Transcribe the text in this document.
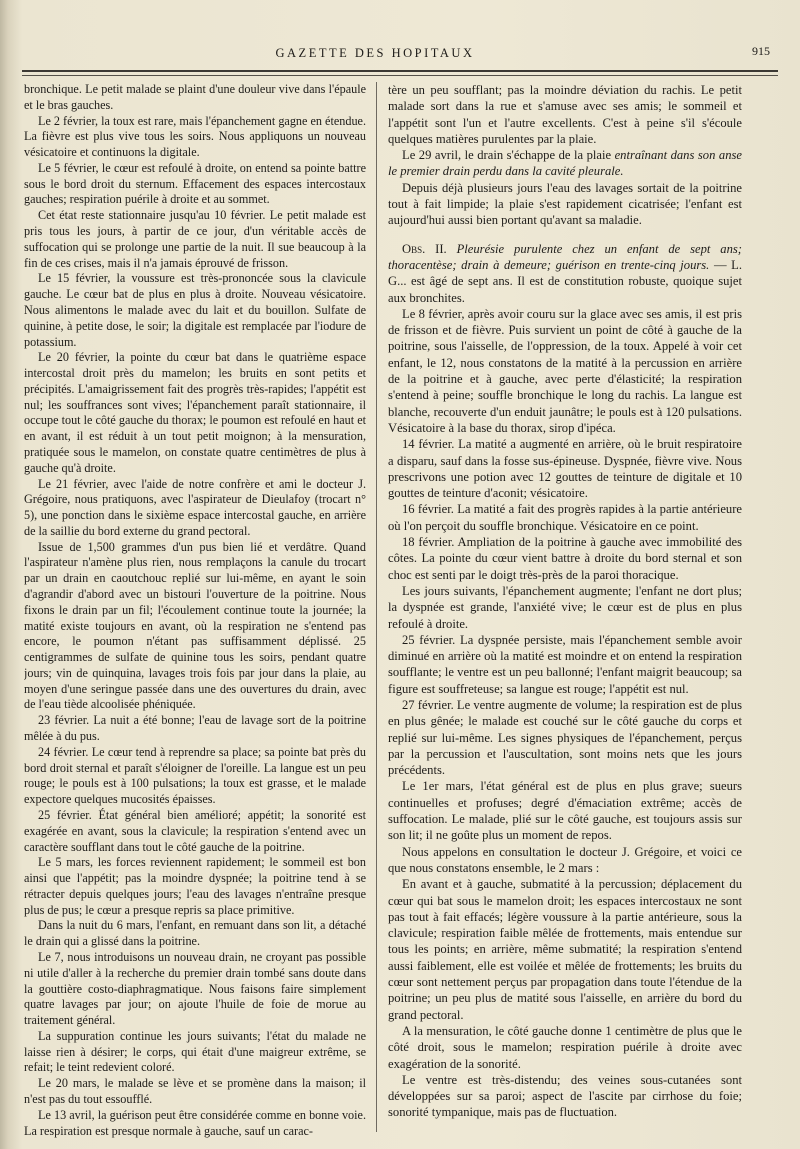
GAZETTE DES HOPITAUX	915

bronchique. Le petit malade se plaint d'une douleur vive dans l'épaule et le bras gauches.

Le 2 février, la toux est rare, mais l'épanchement gagne en étendue. La fièvre est plus vive tous les soirs. Nous appliquons un nouveau vésicatoire et continuons la digitale.

Le 5 février, le cœur est refoulé à droite, on entend sa pointe battre sous le bord droit du sternum. Effacement des espaces intercostaux gauches; respiration puérile à droite et au sommet.

Cet état reste stationnaire jusqu'au 10 février. Le petit malade est pris tous les jours, à partir de ce jour, d'un véritable accès de suffocation qui se prolonge une partie de la nuit. Il sue beaucoup à la fin de ces crises, mais il n'a jamais éprouvé de frisson.

Le 15 février, la voussure est très-prononcée sous la clavicule gauche. Le cœur bat de plus en plus à droite. Nouveau vésicatoire. Nous alimentons le malade avec du lait et du bouillon. Sulfate de quinine, à petite dose, le soir; la digitale est remplacée par l'iodure de potassium.

Le 20 février, la pointe du cœur bat dans le quatrième espace intercostal droit près du mamelon; les bruits en sont petits et précipités. L'amaigrissement fait des progrès très-rapides; l'appétit est nul; les souffrances sont vives; l'épanchement paraît stationnaire, il occupe tout le côté gauche du thorax; le poumon est refoulé en haut et en avant, il est réduit à un tout petit moignon; à la mensuration, pratiquée sous le mamelon, on constate quatre centimètres de plus à gauche qu'à droite.

Le 21 février, avec l'aide de notre confrère et ami le docteur J. Grégoire, nous pratiquons, avec l'aspirateur de Dieulafoy (trocart n° 5), une ponction dans le sixième espace intercostal gauche, en arrière de la saillie du bord externe du grand pectoral.

Issue de 1,500 grammes d'un pus bien lié et verdâtre. Quand l'aspirateur n'amène plus rien, nous remplaçons la canule du trocart par un drain en caoutchouc replié sur lui-même, en ayant le soin d'agrandir d'abord avec un bistouri l'ouverture de la poitrine. Nous fixons le drain par un fil; l'écoulement continue toute la journée; la matité existe toujours en avant, où la respiration ne s'entend pas encore, le poumon n'étant pas suffisamment déplissé. 25 centigrammes de sulfate de quinine tous les soirs, pendant quatre jours; vin de quinquina, lavages trois fois par jour dans la plaie, au moyen d'une seringue passée dans une des ouvertures du drain, avec de l'eau tiède alcoolisée phéniquée.

23 février. La nuit a été bonne; l'eau de lavage sort de la poitrine mêlée à du pus.

24 février. Le cœur tend à reprendre sa place; sa pointe bat près du bord droit sternal et paraît s'éloigner de l'oreille. La langue est un peu rouge; le pouls est à 100 pulsations; la toux est grasse, et le malade expectore quelques mucosités épaisses.

25 février. État général bien amélioré; appétit; la sonorité est exagérée en avant, sous la clavicule; la respiration s'entend avec un caractère soufflant dans tout le côté gauche de la poitrine.

Le 5 mars, les forces reviennent rapidement; le sommeil est bon ainsi que l'appétit; pas la moindre dyspnée; la poitrine tend à se rétracter depuis quelques jours; l'eau des lavages n'entraîne presque plus de pus; le cœur a presque repris sa place primitive.

Dans la nuit du 6 mars, l'enfant, en remuant dans son lit, a détaché le drain qui a glissé dans la poitrine.

Le 7, nous introduisons un nouveau drain, ne croyant pas possible ni utile d'aller à la recherche du premier drain tombé sans doute dans la gouttière costo-diaphragmatique. Nous faisons faire simplement quatre lavages par jour; on ajoute l'huile de foie de morue au traitement général.

La suppuration continue les jours suivants; l'état du malade ne laisse rien à désirer; le corps, qui était d'une maigreur extrême, se refait; le teint redevient coloré.

Le 20 mars, le malade se lève et se promène dans la maison; il n'est pas du tout essoufflé.

Le 13 avril, la guérison peut être considérée comme en bonne voie. La respiration est presque normale à gauche, sauf un carac-

tère un peu soufflant; pas la moindre déviation du rachis. Le petit malade sort dans la rue et s'amuse avec ses amis; le sommeil et l'appétit sont l'un et l'autre excellents. C'est à peine s'il s'écoule quelques matières purulentes par la plaie.

Le 29 avril, le drain s'échappe de la plaie entraînant dans son anse le premier drain perdu dans la cavité pleurale.

Depuis déjà plusieurs jours l'eau des lavages sortait de la poitrine tout à fait limpide; la plaie s'est rapidement cicatrisée; l'enfant est aujourd'hui aussi bien portant qu'avant sa maladie.

Obs. II. Pleurésie purulente chez un enfant de sept ans; thoracentèse; drain à demeure; guérison en trente-cinq jours. — L. G... est âgé de sept ans. Il est de constitution robuste, quoique sujet aux bronchites.

Le 8 février, après avoir couru sur la glace avec ses amis, il est pris de frisson et de fièvre. Puis survient un point de côté à gauche de la poitrine, sous l'aisselle, de l'oppression, de la toux. Appelé à voir cet enfant, le 12, nous constatons de la matité à la percussion en arrière de la poitrine et à gauche, avec perte d'élasticité; la respiration s'entend à peine; souffle bronchique le long du rachis. La langue est blanche, recouverte d'un enduit jaunâtre; le pouls est à 120 pulsations. Vésicatoire à la base du thorax, sirop d'ipéca.

14 février. La matité a augmenté en arrière, où le bruit respiratoire a disparu, sauf dans la fosse sus-épineuse. Dyspnée, fièvre vive. Nous prescrivons une potion avec 12 gouttes de teinture de digitale et 10 gouttes de teinture d'aconit; vésicatoire.

16 février. La matité a fait des progrès rapides à la partie antérieure où l'on perçoit du souffle bronchique. Vésicatoire en ce point.

18 février. Ampliation de la poitrine à gauche avec immobilité des côtes. La pointe du cœur vient battre à droite du bord sternal et son choc est senti par le doigt très-près de la paroi thoracique.

Les jours suivants, l'épanchement augmente; l'enfant ne dort plus; la dyspnée est grande, l'anxiété vive; le cœur est de plus en plus refoulé à droite.

25 février. La dyspnée persiste, mais l'épanchement semble avoir diminué en arrière où la matité est moindre et on entend la respiration soufflante; le ventre est un peu ballonné; l'enfant maigrit beaucoup; sa figure est souffreteuse; sa langue est rouge; l'appétit est nul.

27 février. Le ventre augmente de volume; la respiration est de plus en plus gênée; le malade est couché sur le côté gauche du corps et replié sur lui-même. Les signes physiques de l'épanchement, perçus par la percussion et l'auscultation, sont moins nets que les jours précédents.

Le 1er mars, l'état général est de plus en plus grave; sueurs continuelles et profuses; degré d'émaciation extrême; accès de suffocation. Le malade, plié sur le côté gauche, est toujours assis sur son lit; il ne goûte plus un moment de repos.

Nous appelons en consultation le docteur J. Grégoire, et voici ce que nous constatons ensemble, le 2 mars :

En avant et à gauche, submatité à la percussion; déplacement du cœur qui bat sous le mamelon droit; les espaces intercostaux ne sont pas tout à fait effacés; légère voussure à la partie antérieure, sous la clavicule; respiration faible mêlée de frottements, mais entendue sur tous les points; en arrière, même submatité; la respiration s'entend aussi faiblement, elle est voilée et mêlée de frottements; les bruits du cœur sont nettement perçus par propagation dans toute l'étendue de la poitrine; un peu plus de matité sous l'aisselle, en arrière du bord du grand pectoral.

A la mensuration, le côté gauche donne 1 centimètre de plus que le côté droit, sous le mamelon; respiration puérile à droite avec exagération de la sonorité.

Le ventre est très-distendu; des veines sous-cutanées sont développées sur sa paroi; aspect de l'ascite par cirrhose du foie; sonorité tympanique, mais pas de fluctuation.
